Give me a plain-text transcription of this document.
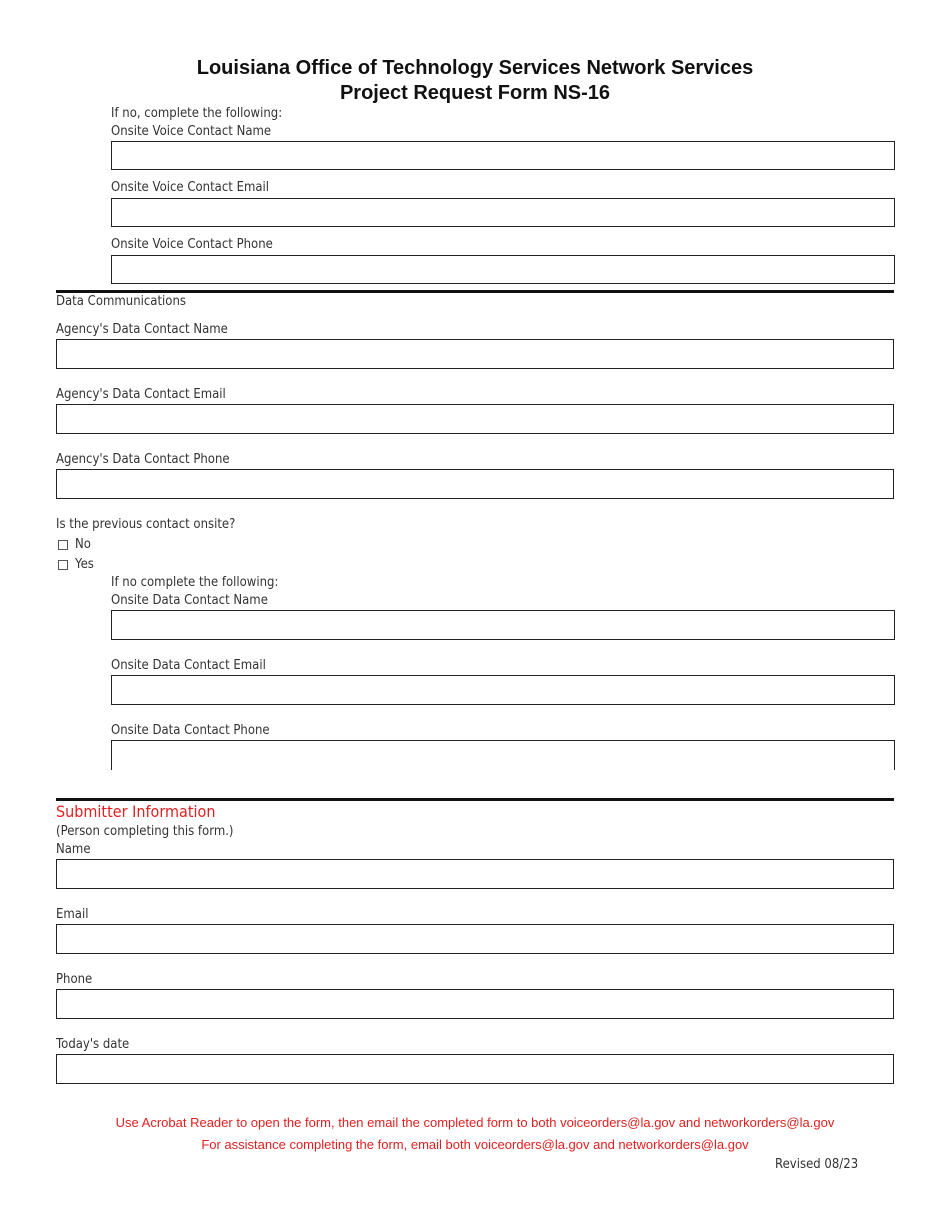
Louisiana Office of Technology Services Network Services
Project Request Form NS-16
If no, complete the following:
Onsite Voice Contact Name
Onsite Voice Contact Email
Onsite Voice Contact Phone
Data Communications
Agency's Data Contact Name
Agency's Data Contact Email
Agency's Data Contact Phone
Is the previous contact onsite?
No
Yes
If no complete the following:
Onsite Data Contact Name
Onsite Data Contact Email
Onsite Data Contact Phone
Submitter Information
(Person completing this form.)
Name
Email
Phone
Today's date
Use Acrobat Reader to open the form, then email the completed form to both voiceorders@la.gov and networkorders@la.gov
For assistance completing the form, email both voiceorders@la.gov and networkorders@la.gov
Revised 08/23
